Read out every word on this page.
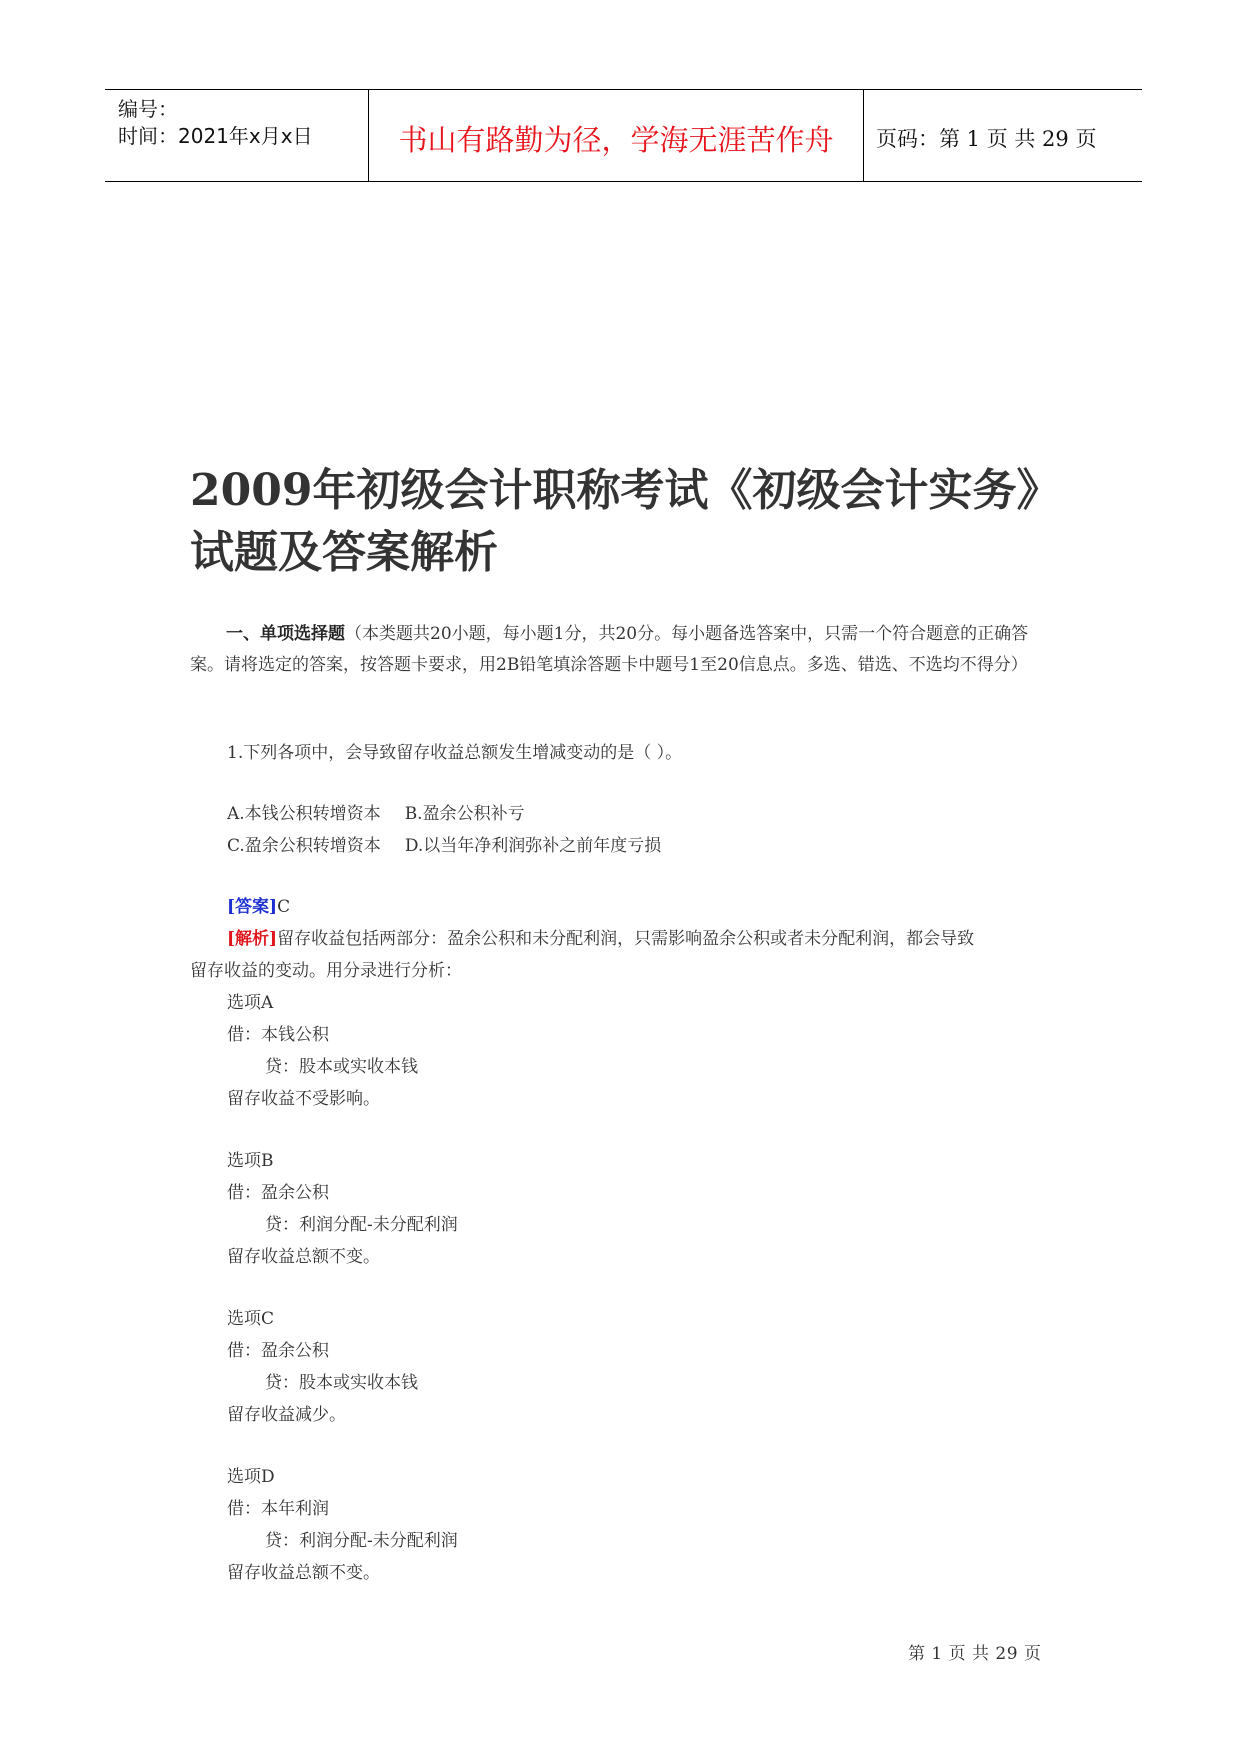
编号：
时间：2021年x月x日	书山有路勤为径，学海无涯苦作舟	页码：第 1 页 共 29 页
2009年初级会计职称考试《初级会计实务》试题及答案解析

一、单项选择题（本类题共20小题，每小题1分，共20分。每小题备选答案中，只需一个符合题意的正确答案。请将选定的答案，按答题卡要求，用2B铅笔填涂答题卡中题号1至20信息点。多选、错选、不选均不得分）

1.下列各项中，会导致留存收益总额发生增减变动的是（ ）。

A.本钱公积转增资本 B.盈余公积补亏

C.盈余公积转增资本 D.以当年净利润弥补之前年度亏损

[答案]C

[解析]留存收益包括两部分：盈余公积和未分配利润，只需影响盈余公积或者未分配利润，都会导致

留存收益的变动。用分录进行分析：

选项A

借：本钱公积

贷：股本或实收本钱

留存收益不受影响。

选项B

借：盈余公积

贷：利润分配-未分配利润

留存收益总额不变。

选项C

借：盈余公积

贷：股本或实收本钱

留存收益减少。

选项D

借：本年利润

贷：利润分配-未分配利润

留存收益总额不变。

第 1 页 共 29 页
